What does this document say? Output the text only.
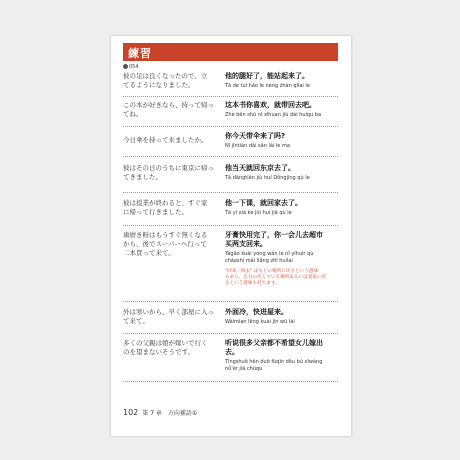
練習
054
彼の足は良くなったので、立
てるようになりました。
他的腿好了，能站起来了。
Tā de tuǐ hǎo le néng zhàn qǐlai le
この本が好きなら、持って帰っ
てね。
这本书你喜欢，就带回去吧。
Zhè běn shū nǐ xǐhuan jiù dài huíqu ba
今日傘を持って来ましたか。	你今天带伞来了吗?
Nǐ jīntiān dài sǎn lái le ma
彼はその日のうちに東京に帰っ
てきました。
他当天就回东京去了。
Tā dāngtiān jiù huí Dōngjīng qù le
彼は授業が終わると、すぐ家
に帰って行きました。
他一下课，就回家去了。
Tā yí xià kè jiù huí jiā qù le
歯磨き粉はもうすぐ無くなる
から、後でスーパーへ行って
二本買って来て。
牙膏快用完了，你一会儿去超市
买两支回来。
Yágāo kuài yòng wán le nǐ yíhuìr qù
chāoshì mǎi liǎng zhī huílai
"回来／回去" はもとの場所に戻るという意味
もあり、自分の住んでいる場所あるいは実家に戻
るという意味も持ちます。
外は寒いから、早く部屋に入っ
て来て。
外面冷，快进屋来。
Wàimian lěng kuài jìn wū lái
多くの父親は娘が嫁いで行く
のを望まないそうです。
听说很多父亲都不希望女儿嫁出
去。
Tīngshuō hěn duō fùqīn dōu bù xīwàng
nǚ'ér jià chūqu
102 第 7 章　方向補語①
